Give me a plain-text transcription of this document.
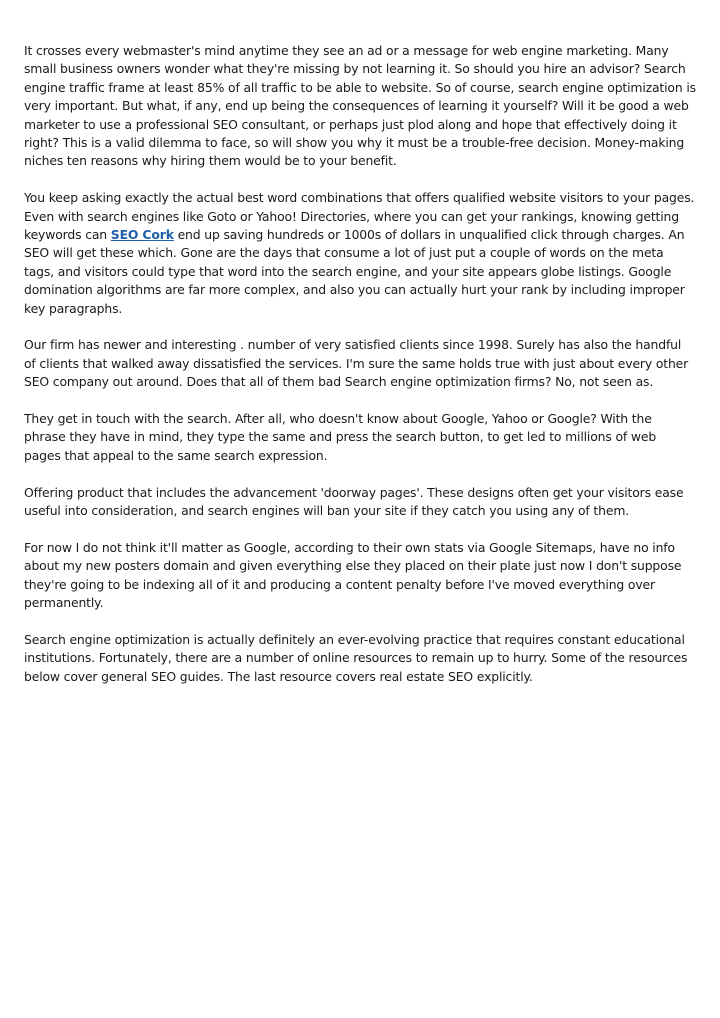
It crosses every webmaster's mind anytime they see an ad or a message for web engine marketing. Many small business owners wonder what they're missing by not learning it. So should you hire an advisor? Search engine traffic frame at least 85% of all traffic to be able to website. So of course, search engine optimization is very important. But what, if any, end up being the consequences of learning it yourself? Will it be good a web marketer to use a professional SEO consultant, or perhaps just plod along and hope that effectively doing it right? This is a valid dilemma to face, so will show you why it must be a trouble-free decision. Money-making niches ten reasons why hiring them would be to your benefit.

You keep asking exactly the actual best word combinations that offers qualified website visitors to your pages. Even with search engines like Goto or Yahoo! Directories, where you can get your rankings, knowing getting keywords can SEO Cork end up saving hundreds or 1000s of dollars in unqualified click through charges. An SEO will get these which. Gone are the days that consume a lot of just put a couple of words on the meta tags, and visitors could type that word into the search engine, and your site appears globe listings. Google domination algorithms are far more complex, and also you can actually hurt your rank by including improper key paragraphs.

Our firm has newer and interesting . number of very satisfied clients since 1998. Surely has also the handful of clients that walked away dissatisfied the services. I'm sure the same holds true with just about every other SEO company out around. Does that all of them bad Search engine optimization firms? No, not seen as.

They get in touch with the search. After all, who doesn't know about Google, Yahoo or Google? With the phrase they have in mind, they type the same and press the search button, to get led to millions of web pages that appeal to the same search expression.

Offering product that includes the advancement 'doorway pages'. These designs often get your visitors ease useful into consideration, and search engines will ban your site if they catch you using any of them.

For now I do not think it'll matter as Google, according to their own stats via Google Sitemaps, have no info about my new posters domain and given everything else they placed on their plate just now I don't suppose they're going to be indexing all of it and producing a content penalty before I've moved everything over permanently.

Search engine optimization is actually definitely an ever-evolving practice that requires constant educational institutions. Fortunately, there are a number of online resources to remain up to hurry. Some of the resources below cover general SEO guides. The last resource covers real estate SEO explicitly.
